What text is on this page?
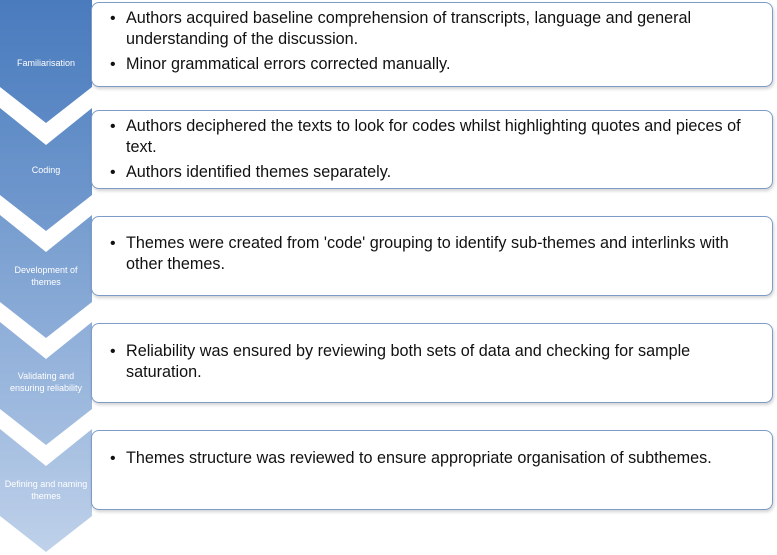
Familiarisation
Coding
Development of themes
Validating and ensuring reliability
Defining and naming themes
• Authors acquired baseline comprehension of transcripts, language and general understanding of the discussion.
• Minor grammatical errors corrected manually.
• Authors deciphered the texts to look for codes whilst highlighting quotes and pieces of text.
• Authors identified themes separately.
• Themes were created from 'code' grouping to identify sub-themes and interlinks with other themes.
• Reliability was ensured by reviewing both sets of data and checking for sample saturation.
• Themes structure was reviewed to ensure appropriate organisation of subthemes.
